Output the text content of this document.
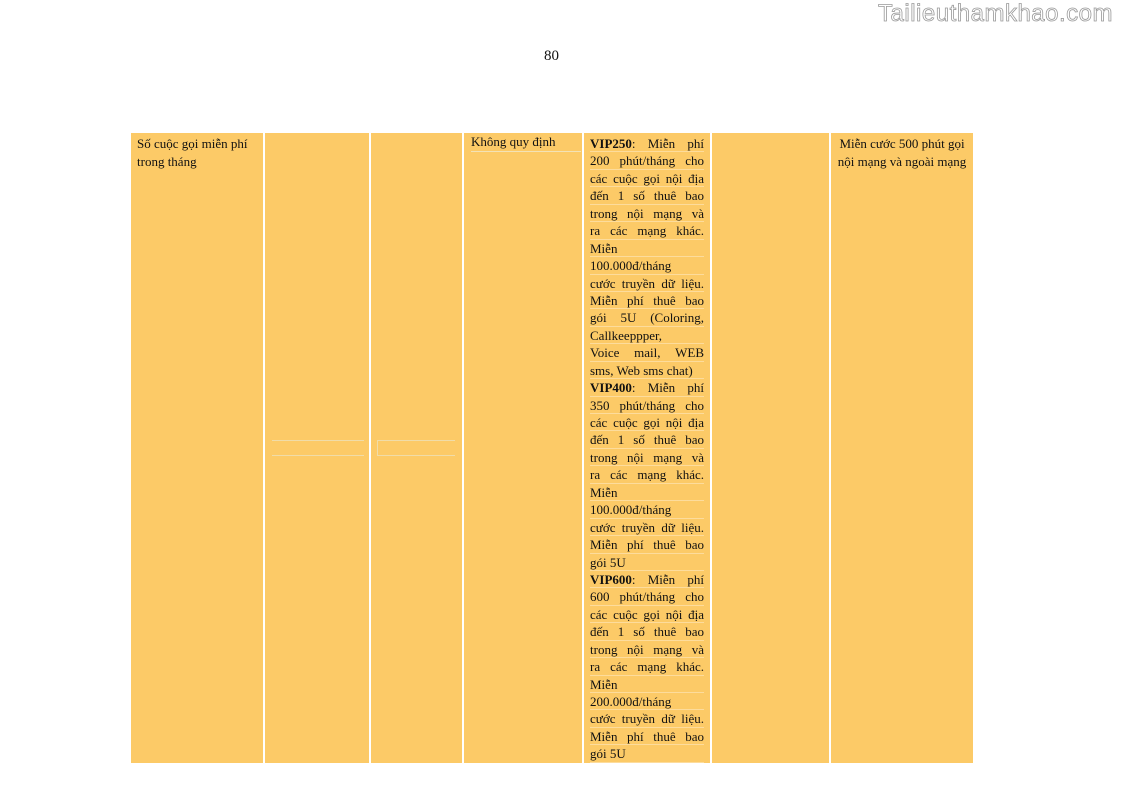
Tailieuthamkhao.com
80
Số cuộc gọi miễn phí trong tháng
Không quy định	VIP250: Miễn phí
200 phút/tháng cho
các cuộc gọi nội địa
đến 1 số thuê bao
trong nội mạng và
ra các mạng khác.
Miễn
100.000đ/tháng
cước truyền dữ liệu.
Miễn phí thuê bao
gói 5U (Coloring,
Callkeeppper,
Voice mail, WEB
sms, Web sms chat)
VIP400: Miễn phí
350 phút/tháng cho
các cuộc gọi nội địa
đến 1 số thuê bao
trong nội mạng và
ra các mạng khác.
Miễn
100.000đ/tháng
cước truyền dữ liệu.
Miễn phí thuê bao
gói 5U
VIP600: Miễn phí
600 phút/tháng cho
các cuộc gọi nội địa
đến 1 số thuê bao
trong nội mạng và
ra các mạng khác.
Miễn
200.000đ/tháng
cước truyền dữ liệu.
Miễn phí thuê bao
gói 5U
Miễn cước 500 phút gọi nội mạng và ngoài mạng
